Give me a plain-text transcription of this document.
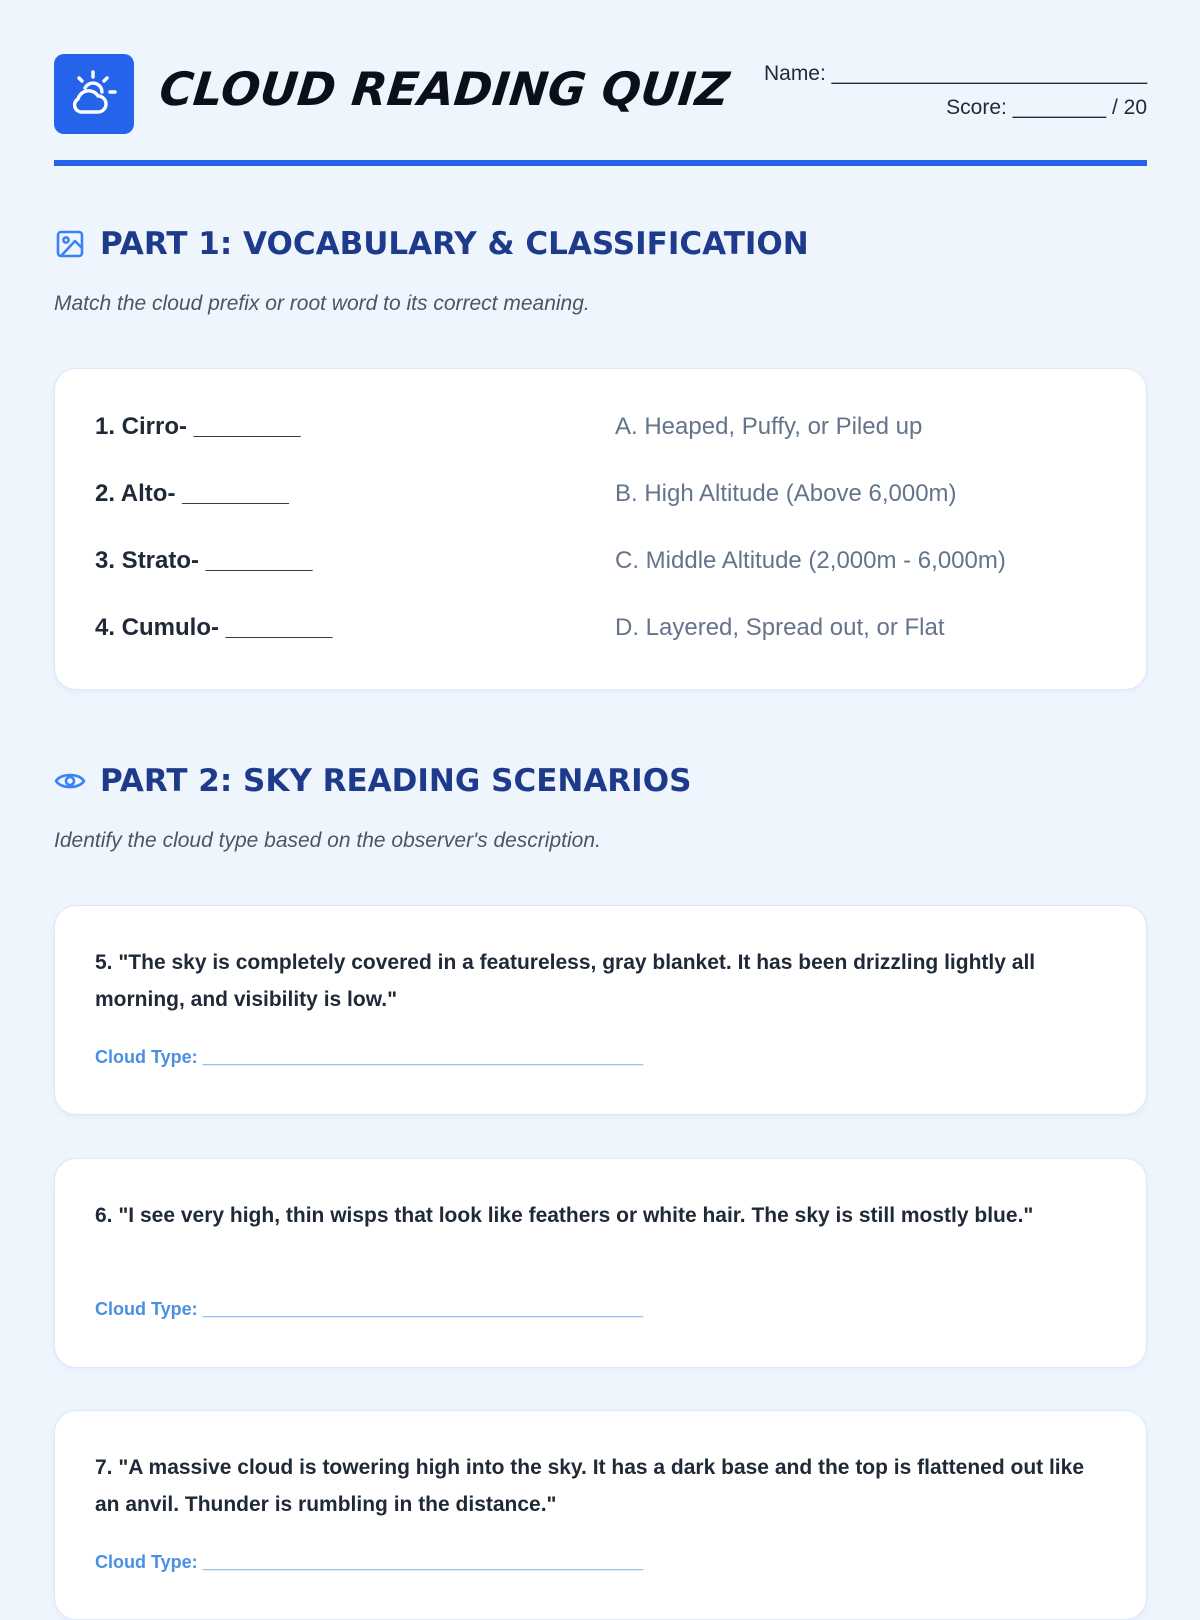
CLOUD READING QUIZ Name: ___________________________
Score: ________ / 20
PART 1: VOCABULARY & CLASSIFICATION
Match the cloud prefix or root word to its correct meaning.
1. Cirro- ________	A. Heaped, Puffy, or Piled up
2. Alto- ________	B. High Altitude (Above 6,000m)
3. Strato- ________	C. Middle Altitude (2,000m - 6,000m)
4. Cumulo- ________	D. Layered, Spread out, or Flat
PART 2: SKY READING SCENARIOS
Identify the cloud type based on the observer's description.
5. "The sky is completely covered in a featureless, gray blanket. It has been drizzling lightly all morning, and visibility is low."
Cloud Type: ____________________________________________
6. "I see very high, thin wisps that look like feathers or white hair. The sky is still mostly blue."
Cloud Type: ____________________________________________
7. "A massive cloud is towering high into the sky. It has a dark base and the top is flattened out like an anvil. Thunder is rumbling in the distance."
Cloud Type: ____________________________________________
